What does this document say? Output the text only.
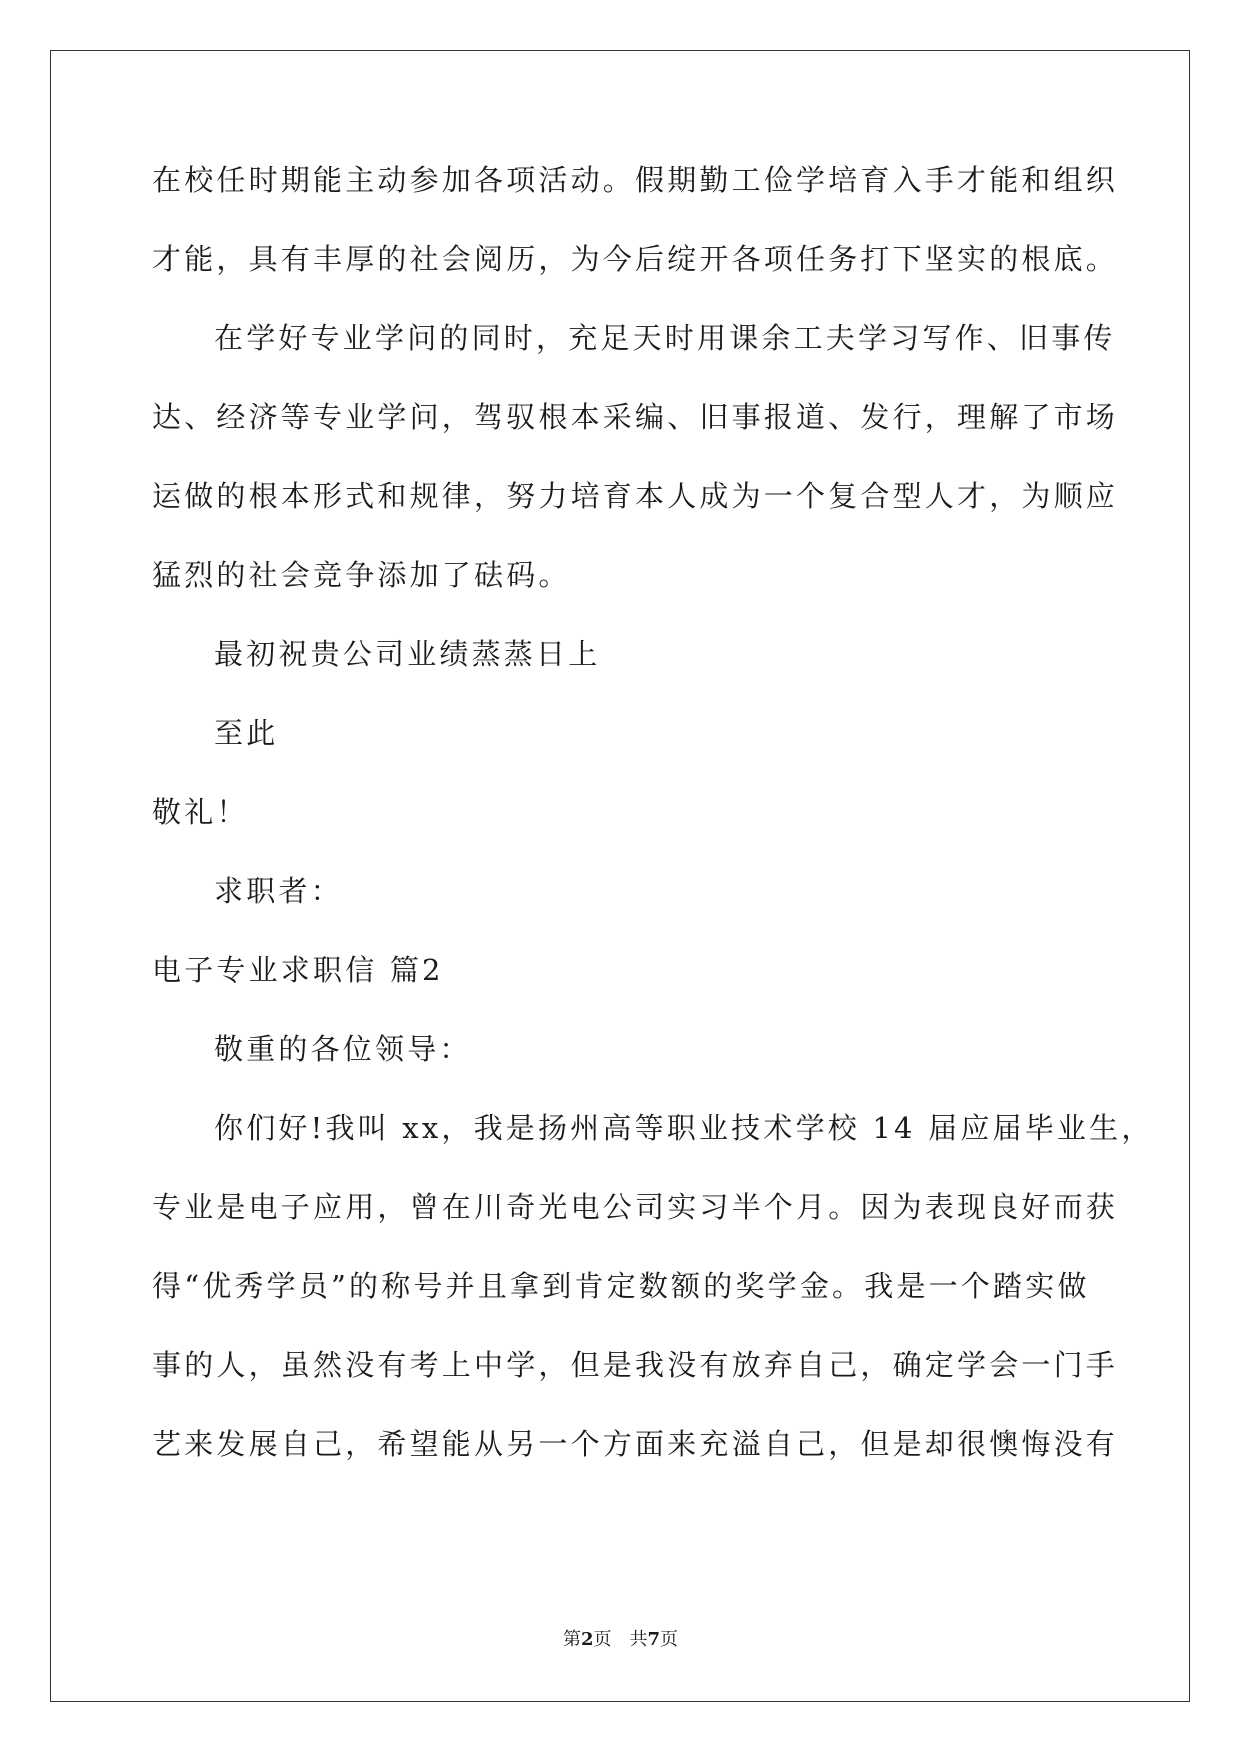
在校任时期能主动参加各项活动。假期勤工俭学培育入手才能和组织
才能，具有丰厚的社会阅历，为今后绽开各项任务打下坚实的根底。
在学好专业学问的同时，充足天时用课余工夫学习写作、旧事传
达、经济等专业学问，驾驭根本采编、旧事报道、发行，理解了市场
运做的根本形式和规律，努力培育本人成为一个复合型人才，为顺应
猛烈的社会竞争添加了砝码。
最初祝贵公司业绩蒸蒸日上
至此
敬礼！
求职者：
电子专业求职信 篇2
敬重的各位领导：
你们好!我叫 xx，我是扬州高等职业技术学校 14 届应届毕业生，
专业是电子应用，曾在川奇光电公司实习半个月。因为表现良好而获
得“优秀学员”的称号并且拿到肯定数额的奖学金。我是一个踏实做
事的人，虽然没有考上中学，但是我没有放弃自己，确定学会一门手
艺来发展自己，希望能从另一个方面来充溢自己，但是却很懊悔没有
第2页　共7页
